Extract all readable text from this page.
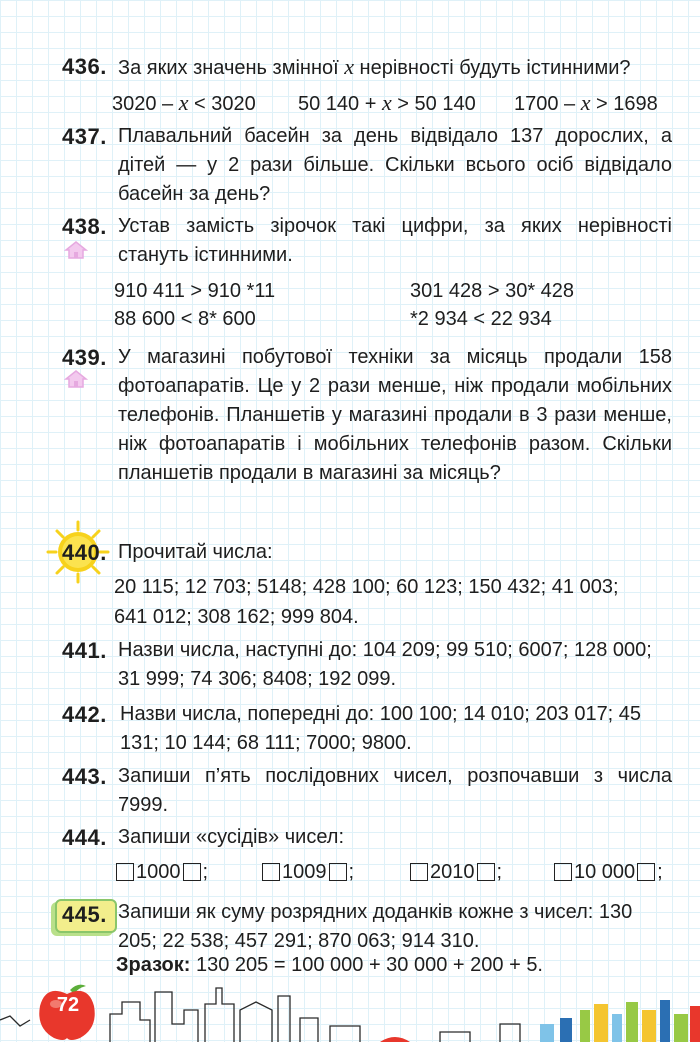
436. За яких значень змінної x нерівності будуть істинними?
3020 – x < 3020 50 140 + x > 50 140 1700 – x > 1698
437. Плавальний басейн за день відвідало 137 дорослих, а дітей — у 2 рази більше. Скільки всього осіб відвідало басейн за день?
438. Устав замість зірочок такі цифри, за яких нерівності стануть істинними.
910 411 > 910 *11	301 428 > 30* 428
88 600 < 8* 600	*2 934 < 22 934
439. У магазині побутової техніки за місяць продали 158 фотоапаратів. Це у 2 рази менше, ніж продали мобільних телефонів. Планшетів у магазині продали в 3 рази менше, ніж фотоапаратів і мобільних телефонів разом. Скільки планшетів продали в магазині за місяць?
440. Прочитай числа:
20 115; 12 703; 5148; 428 100; 60 123; 150 432; 41 003;
641 012; 308 162; 999 804.
441. Назви числа, наступні до: 104 209; 99 510; 6007; 128 000; 31 999; 74 306; 8408; 192 099.
442. Назви числа, попередні до: 100 100; 14 010; 203 017; 45 131; 10 144; 68 111; 7000; 9800.
443. Запиши п’ять послідовних чисел, розпочавши з числа 7999.
444. Запиши «сусідів» чисел:
1000 ;	1009 ;	2010 ;	10 000 ;
445. Запиши як суму розрядних доданків кожне з чисел: 130 205; 22 538; 457 291; 870 063; 914 310.
Зразок: 130 205 = 100 000 + 30 000 + 200 + 5.
72
